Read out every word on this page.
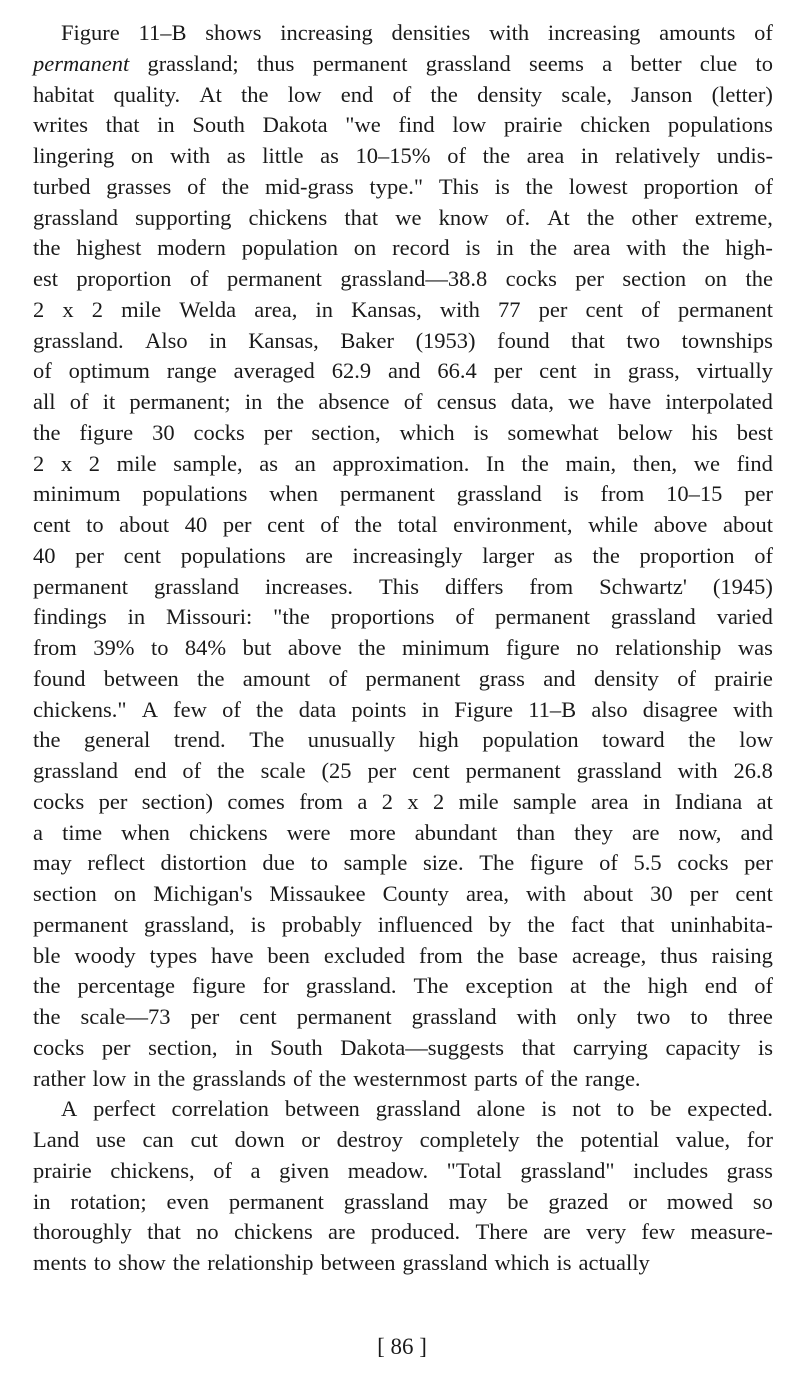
Figure 11–B shows increasing densities with increasing amounts of
permanent grassland; thus permanent grassland seems a better clue to
habitat quality. At the low end of the density scale, Janson (letter)
writes that in South Dakota "we find low prairie chicken populations
lingering on with as little as 10–15% of the area in relatively undis-
turbed grasses of the mid-grass type." This is the lowest proportion of
grassland supporting chickens that we know of. At the other extreme,
the highest modern population on record is in the area with the high-
est proportion of permanent grassland—38.8 cocks per section on the
2 x 2 mile Welda area, in Kansas, with 77 per cent of permanent
grassland. Also in Kansas, Baker (1953) found that two townships
of optimum range averaged 62.9 and 66.4 per cent in grass, virtually
all of it permanent; in the absence of census data, we have interpolated
the figure 30 cocks per section, which is somewhat below his best
2 x 2 mile sample, as an approximation. In the main, then, we find
minimum populations when permanent grassland is from 10–15 per
cent to about 40 per cent of the total environment, while above about
40 per cent populations are increasingly larger as the proportion of
permanent grassland increases. This differs from Schwartz' (1945)
findings in Missouri: "the proportions of permanent grassland varied
from 39% to 84% but above the minimum figure no relationship was
found between the amount of permanent grass and density of prairie
chickens." A few of the data points in Figure 11–B also disagree with
the general trend. The unusually high population toward the low
grassland end of the scale (25 per cent permanent grassland with 26.8
cocks per section) comes from a 2 x 2 mile sample area in Indiana at
a time when chickens were more abundant than they are now, and
may reflect distortion due to sample size. The figure of 5.5 cocks per
section on Michigan's Missaukee County area, with about 30 per cent
permanent grassland, is probably influenced by the fact that uninhabita-
ble woody types have been excluded from the base acreage, thus raising
the percentage figure for grassland. The exception at the high end of
the scale—73 per cent permanent grassland with only two to three
cocks per section, in South Dakota—suggests that carrying capacity is
rather low in the grasslands of the westernmost parts of the range.
A perfect correlation between grassland alone is not to be expected.
Land use can cut down or destroy completely the potential value, for
prairie chickens, of a given meadow. "Total grassland" includes grass
in rotation; even permanent grassland may be grazed or mowed so
thoroughly that no chickens are produced. There are very few measure-
ments to show the relationship between grassland which is actually
[ 86 ]
